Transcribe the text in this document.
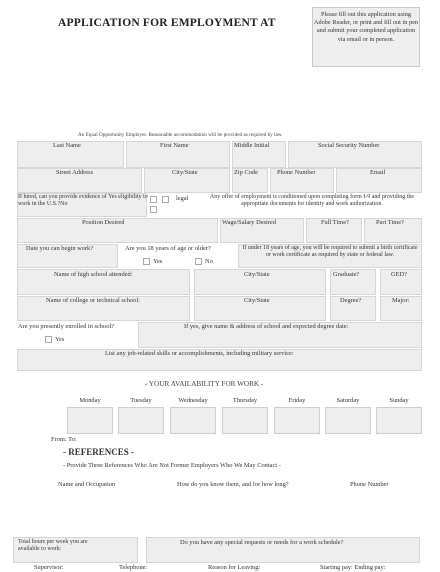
APPLICATION FOR EMPLOYMENT AT
Please fill out this application using Adobe Reader, or print and fill out in pen and submit your completed application via email or in person.
An Equal Opportunity Employer. Reasonable accommodation will be provided as required by law.
Last Name	First Name	Middle Initial	Social Security Number
Street Address	City/State	Zip Code	Phone Number	Email
If hired, can you provide evidence of Yes eligibility to work in the U.S.?No
legal	Any offer of employment is conditioned upon completing form I-9 and providing the appropriate documents for identity and work authorization.
Position Desired	Wage/Salary Desired	Full Time?	Part Time?
Date you can begin work?	Are you 18 years of age or older?
Yes	No
If under 18 years of age, you will be required to submit a birth certificate or work certificate as required by state or federal law.
Name of high school attended:	City/State	Graduate?	GED?
Name of college or technical school:	City/State	Degree?	Major:
Are you presently enrolled in school?
Yes
If yes, give name & address of school and expected degree date:
List any job-related skills or accomplishments, including military service:
- YOUR AVAILABILITY FOR WORK -
Monday	Tuesday	Wednesday	Thursday	Friday	Saturday	Sunday
From: To:
- REFERENCES -
- Provide Three References Who Are Not Former Employers Who We May Contact -
Name and Occupation	How do you know them, and for how long?	Phone Number
Total hours per week you are available to work:
Do you have any special requests or needs for a work schedule?
Supervisor:	Telephone:	Reason for Leaving:	Starting pay: Ending pay:
